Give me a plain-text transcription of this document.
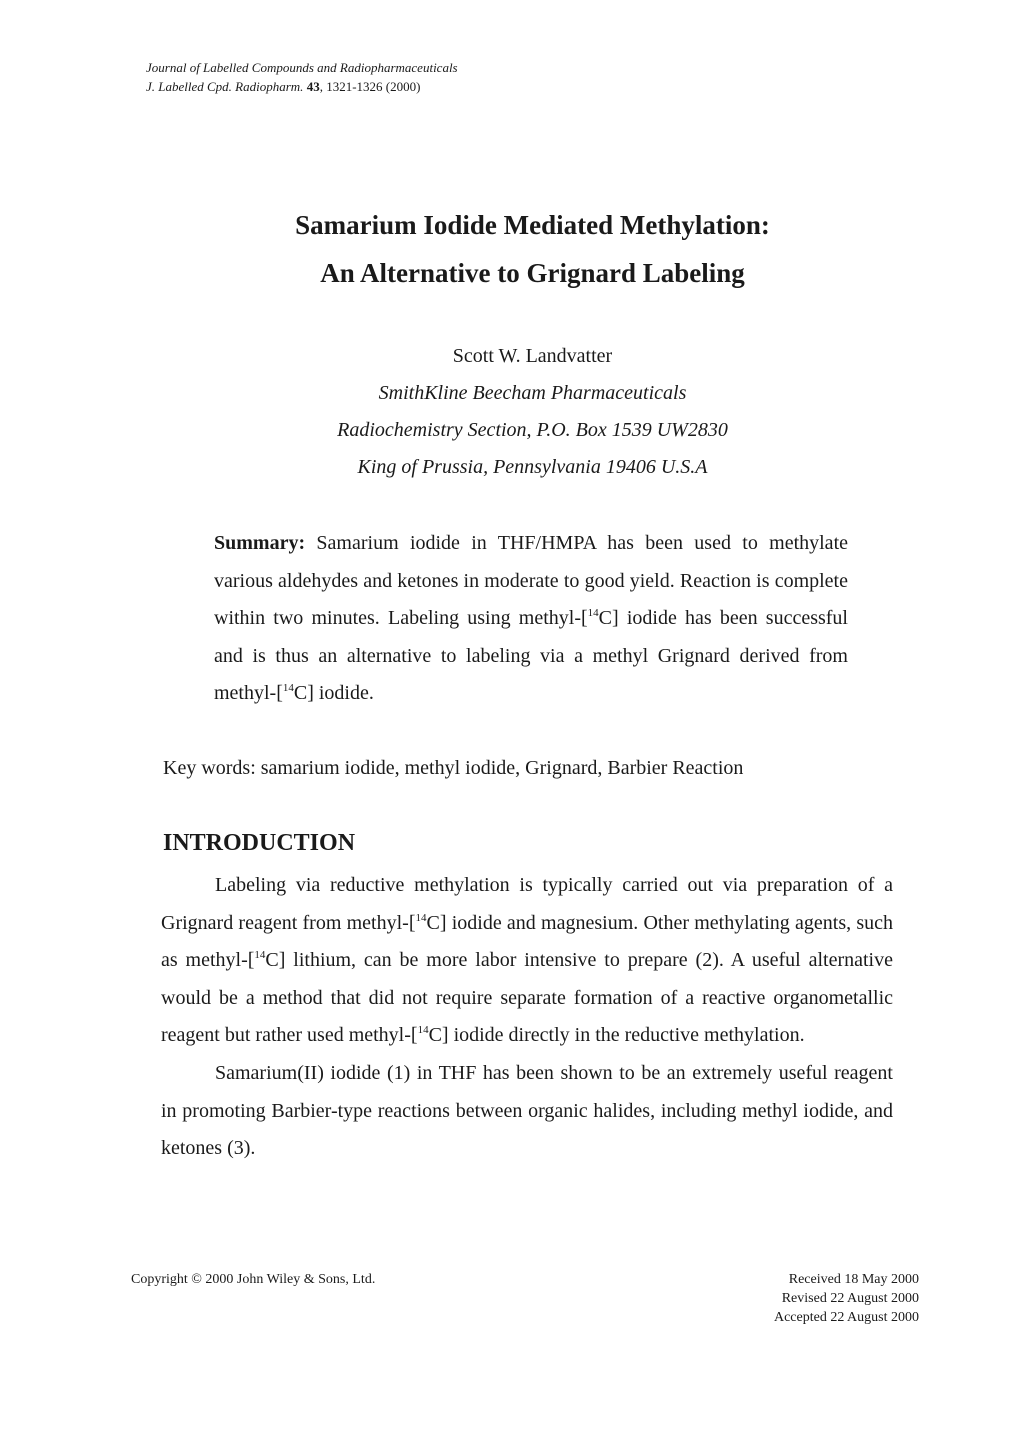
Journal of Labelled Compounds and Radiopharmaceuticals
J. Labelled Cpd. Radiopharm. 43, 1321-1326 (2000)
Samarium Iodide Mediated Methylation:
An Alternative to Grignard Labeling
Scott W. Landvatter
SmithKline Beecham Pharmaceuticals
Radiochemistry Section, P.O. Box 1539 UW2830
King of Prussia, Pennsylvania 19406 U.S.A
Summary: Samarium iodide in THF/HMPA has been used to methylate various aldehydes and ketones in moderate to good yield. Reaction is complete within two minutes. Labeling using methyl-[$^{14}$C] iodide has been successful and is thus an alternative to labeling via a methyl Grignard derived from methyl-[$^{14}$C] iodide.
Key words: samarium iodide, methyl iodide, Grignard, Barbier Reaction
INTRODUCTION

Labeling via reductive methylation is typically carried out via preparation of a Grignard reagent from methyl-[$^{14}$C] iodide and magnesium. Other methylating agents, such as methyl-[$^{14}$C] lithium, can be more labor intensive to prepare (2). A useful alternative would be a method that did not require separate formation of a reactive organometallic reagent but rather used methyl-[$^{14}$C] iodide directly in the reductive methylation.

Samarium(II) iodide (1) in THF has been shown to be an extremely useful reagent in promoting Barbier-type reactions between organic halides, including methyl iodide, and ketones (3).

Copyright © 2000 John Wiley & Sons, Ltd.	Received 18 May 2000
Revised 22 August 2000
Accepted 22 August 2000
